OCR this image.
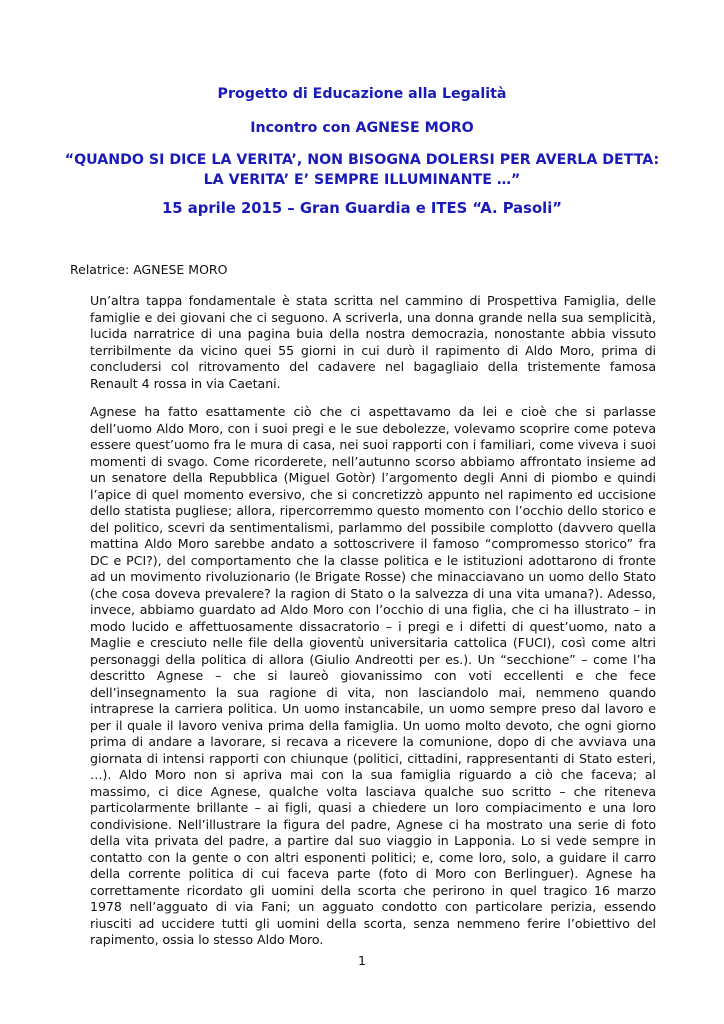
Progetto di Educazione alla Legalità
Incontro con AGNESE MORO
“QUANDO SI DICE LA VERITA’, NON BISOGNA DOLERSI PER AVERLA DETTA: LA VERITA’ E’ SEMPRE ILLUMINANTE …”
15 aprile 2015 – Gran Guardia e ITES “A. Pasoli”
Relatrice: AGNESE MORO

Un’altra tappa fondamentale è stata scritta nel cammino di Prospettiva Famiglia, delle famiglie e dei giovani che ci seguono. A scriverla, una donna grande nella sua semplicità, lucida narratrice di una pagina buia della nostra democrazia, nonostante abbia vissuto terribilmente da vicino quei 55 giorni in cui durò il rapimento di Aldo Moro, prima di concludersi col ritrovamento del cadavere nel bagagliaio della tristemente famosa Renault 4 rossa in via Caetani.

Agnese ha fatto esattamente ciò che ci aspettavamo da lei e cioè che si parlasse dell’uomo Aldo Moro, con i suoi pregi e le sue debolezze, volevamo scoprire come poteva essere quest’uomo fra le mura di casa, nei suoi rapporti con i familiari, come viveva i suoi momenti di svago. Come ricorderete, nell’autunno scorso abbiamo affrontato insieme ad un senatore della Repubblica (Miguel Gotòr) l’argomento degli Anni di piombo e quindi l’apice di quel momento eversivo, che si concretizzò appunto nel rapimento ed uccisione dello statista pugliese; allora, ripercorremmo questo momento con l’occhio dello storico e del politico, scevri da sentimentalismi, parlammo del possibile complotto (davvero quella mattina Aldo Moro sarebbe andato a sottoscrivere il famoso “compromesso storico” fra DC e PCI?), del comportamento che la classe politica e le istituzioni adottarono di fronte ad un movimento rivoluzionario (le Brigate Rosse) che minacciavano un uomo dello Stato (che cosa doveva prevalere? la ragion di Stato o la salvezza di una vita umana?). Adesso, invece, abbiamo guardato ad Aldo Moro con l’occhio di una figlia, che ci ha illustrato – in modo lucido e affettuosamente dissacratorio – i pregi e i difetti di quest’uomo, nato a Maglie e cresciuto nelle file della gioventù universitaria cattolica (FUCI), così come altri personaggi della politica di allora (Giulio Andreotti per es.). Un “secchione” – come l’ha descritto Agnese – che si laureò giovanissimo con voti eccellenti e che fece dell’insegnamento la sua ragione di vita, non lasciandolo mai, nemmeno quando intraprese la carriera politica. Un uomo instancabile, un uomo sempre preso dal lavoro e per il quale il lavoro veniva prima della famiglia. Un uomo molto devoto, che ogni giorno prima di andare a lavorare, si recava a ricevere la comunione, dopo di che avviava una giornata di intensi rapporti con chiunque (politici, cittadini, rappresentanti di Stato esteri, …). Aldo Moro non si apriva mai con la sua famiglia riguardo a ciò che faceva; al massimo, ci dice Agnese, qualche volta lasciava qualche suo scritto – che riteneva particolarmente brillante – ai figli, quasi a chiedere un loro compiacimento e una loro condivisione. Nell’illustrare la figura del padre, Agnese ci ha mostrato una serie di foto della vita privata del padre, a partire dal suo viaggio in Lapponia. Lo si vede sempre in contatto con la gente o con altri esponenti politici; e, come loro, solo, a guidare il carro della corrente politica di cui faceva parte (foto di Moro con Berlinguer). Agnese ha correttamente ricordato gli uomini della scorta che perirono in quel tragico 16 marzo 1978 nell’agguato di via Fani; un agguato condotto con particolare perizia, essendo riusciti ad uccidere tutti gli uomini della scorta, senza nemmeno ferire l’obiettivo del rapimento, ossia lo stesso Aldo Moro.

1
